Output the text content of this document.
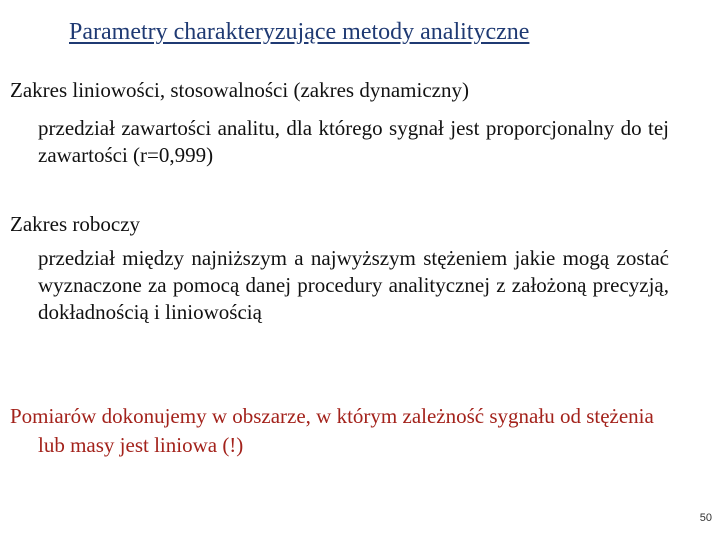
Parametry charakteryzujące metody analityczne
Zakres liniowości, stosowalności (zakres dynamiczny)
przedział zawartości analitu, dla którego sygnał jest proporcjonalny do tej zawartości (r=0,999)
Zakres roboczy
przedział między najniższym a najwyższym stężeniem jakie mogą zostać wyznaczone za pomocą danej procedury analitycznej z założoną precyzją, dokładnością i liniowością
Pomiarów dokonujemy w obszarze, w którym zależność sygnału od stężenia lub masy jest liniowa (!)
50
